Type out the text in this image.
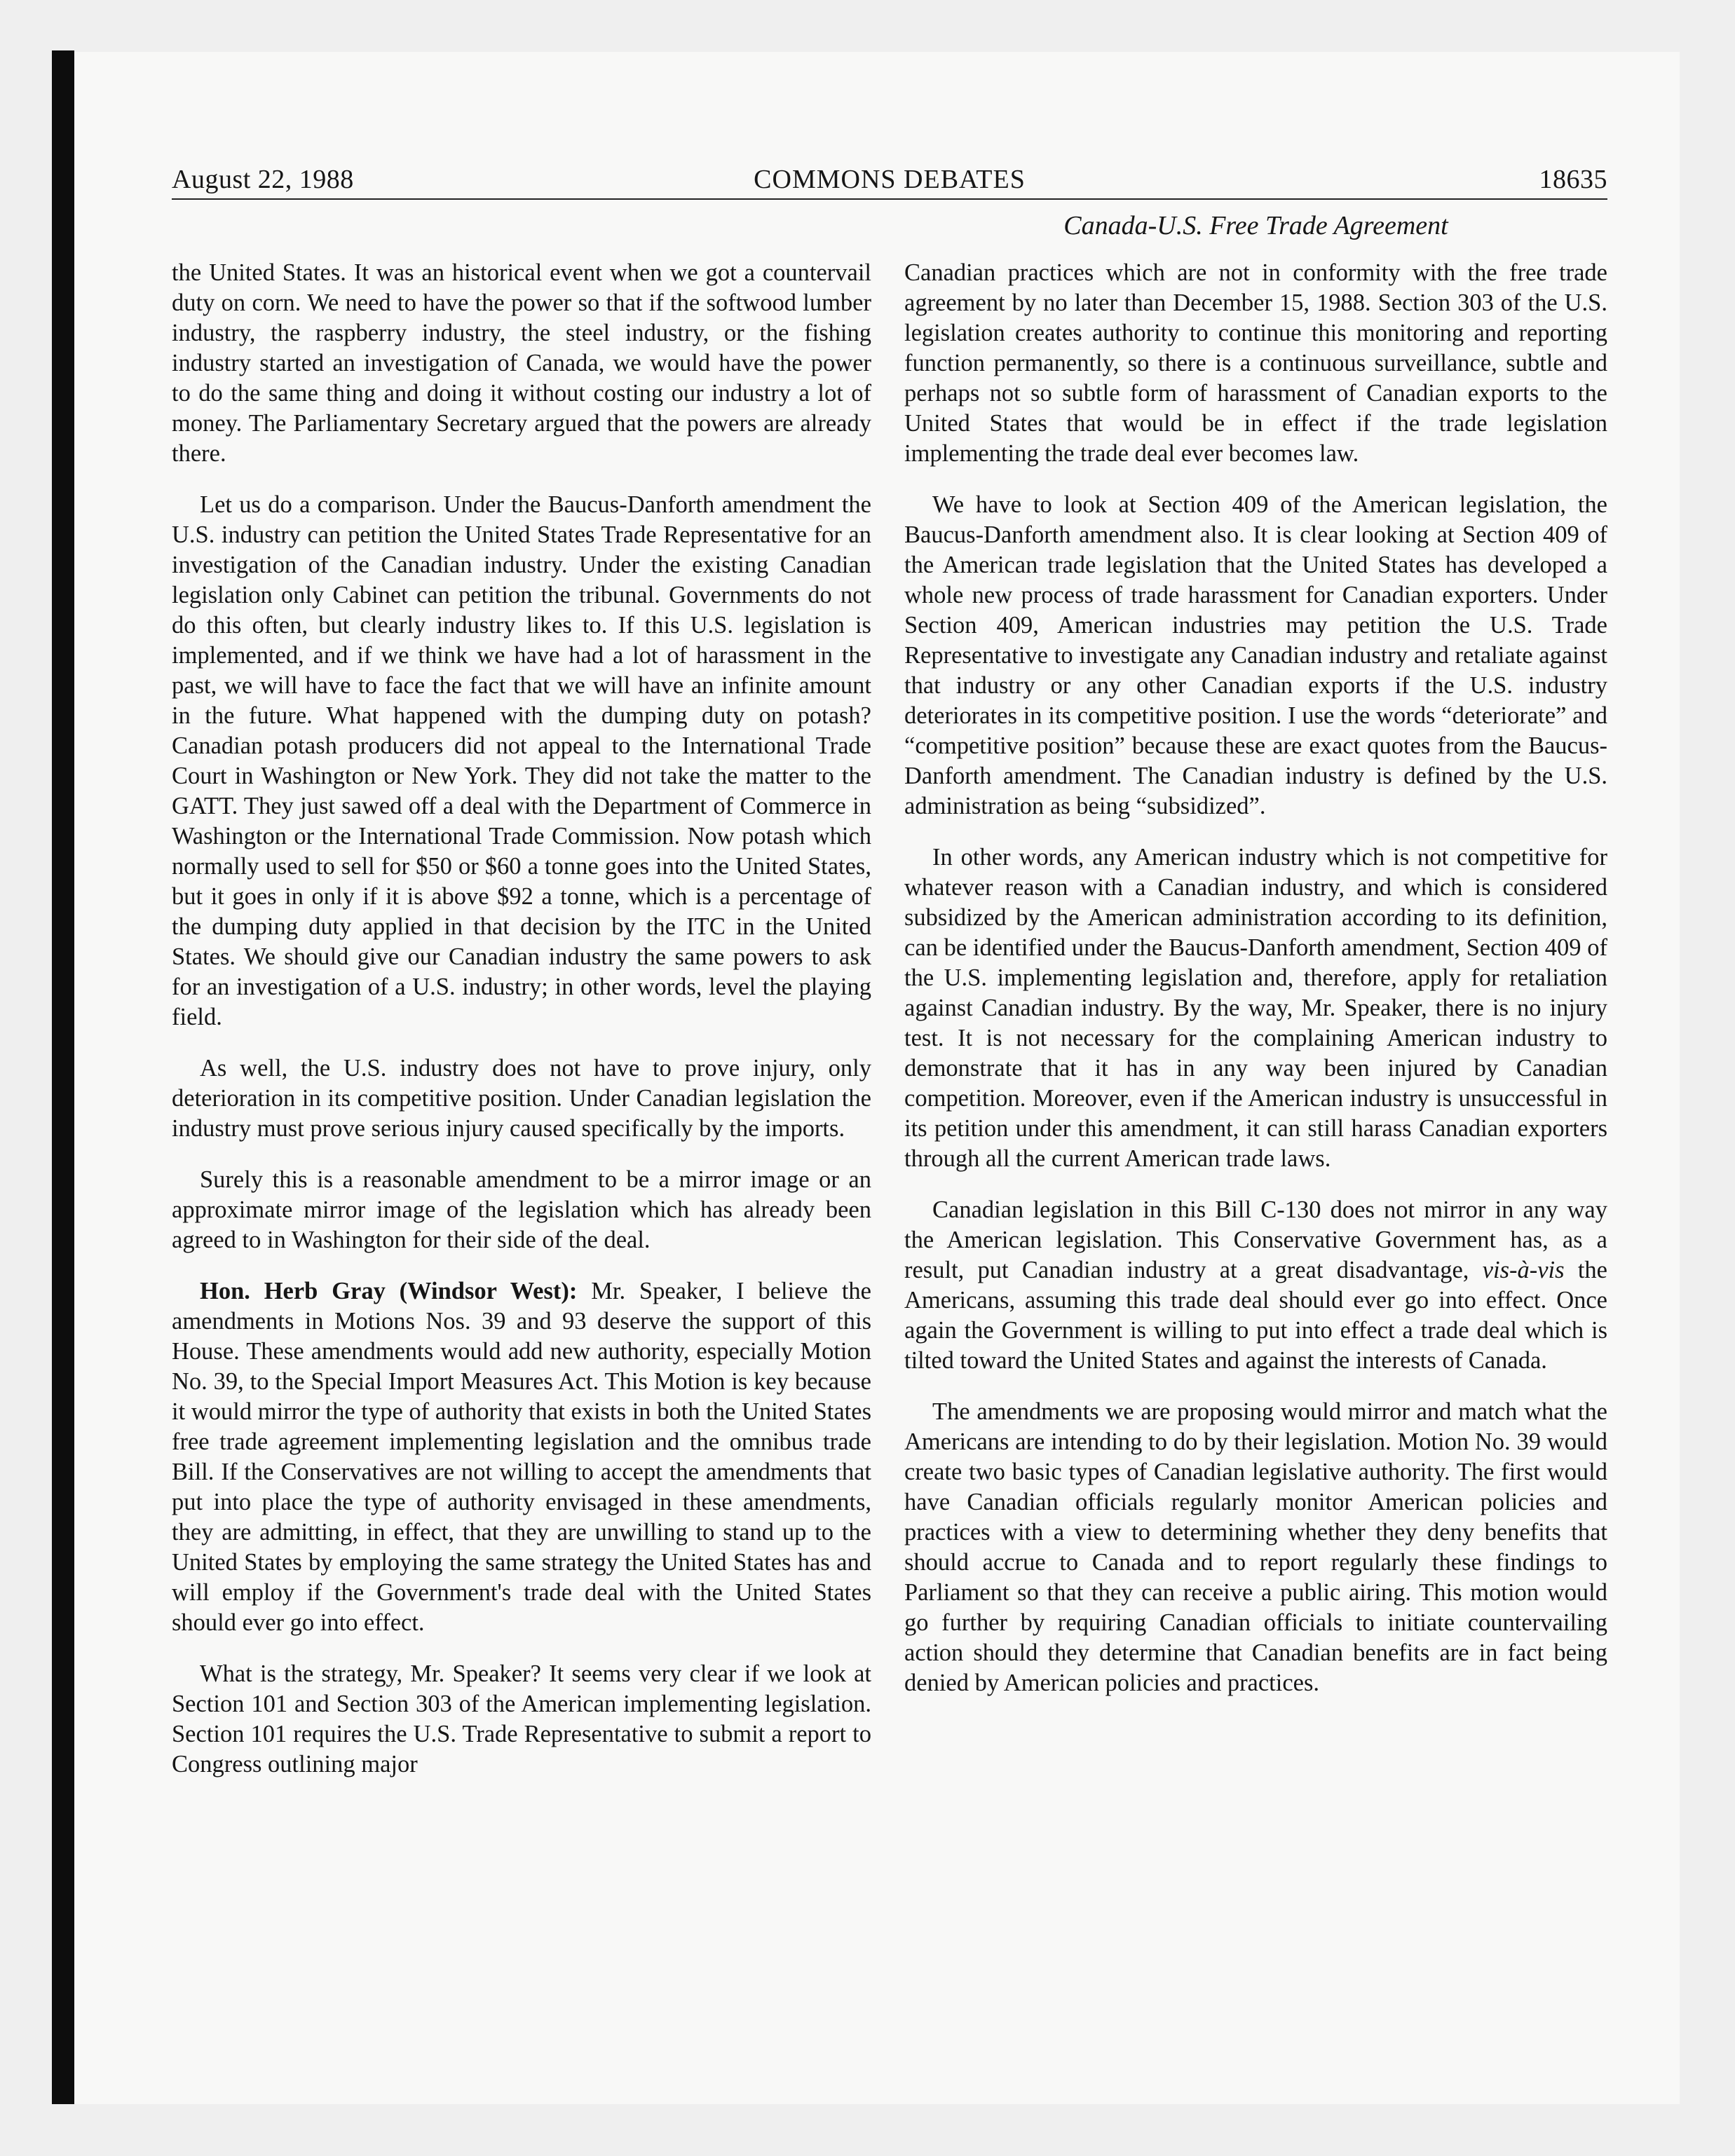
August 22, 1988	COMMONS DEBATES	18635
Canada-U.S. Free Trade Agreement

the United States. It was an historical event when we got a countervail duty on corn. We need to have the power so that if the softwood lumber industry, the raspberry industry, the steel industry, or the fishing industry started an investigation of Canada, we would have the power to do the same thing and doing it without costing our industry a lot of money. The Parliamentary Secretary argued that the powers are already there.

Let us do a comparison. Under the Baucus-Danforth amendment the U.S. industry can petition the United States Trade Representative for an investigation of the Canadian industry. Under the existing Canadian legislation only Cabinet can petition the tribunal. Governments do not do this often, but clearly industry likes to. If this U.S. legislation is implemented, and if we think we have had a lot of harassment in the past, we will have to face the fact that we will have an infinite amount in the future. What happened with the dumping duty on potash? Canadian potash producers did not appeal to the International Trade Court in Washington or New York. They did not take the matter to the GATT. They just sawed off a deal with the Department of Commerce in Washington or the International Trade Commission. Now potash which normally used to sell for $50 or $60 a tonne goes into the United States, but it goes in only if it is above $92 a tonne, which is a percentage of the dumping duty applied in that decision by the ITC in the United States. We should give our Canadian industry the same powers to ask for an investigation of a U.S. industry; in other words, level the playing field.

As well, the U.S. industry does not have to prove injury, only deterioration in its competitive position. Under Canadian legislation the industry must prove serious injury caused specifically by the imports.

Surely this is a reasonable amendment to be a mirror image or an approximate mirror image of the legislation which has already been agreed to in Washington for their side of the deal.

Hon. Herb Gray (Windsor West): Mr. Speaker, I believe the amendments in Motions Nos. 39 and 93 deserve the support of this House. These amendments would add new authority, especially Motion No. 39, to the Special Import Measures Act. This Motion is key because it would mirror the type of authority that exists in both the United States free trade agreement implementing legislation and the omnibus trade Bill. If the Conservatives are not willing to accept the amendments that put into place the type of authority envisaged in these amendments, they are admitting, in effect, that they are unwilling to stand up to the United States by employing the same strategy the United States has and will employ if the Government's trade deal with the United States should ever go into effect.

What is the strategy, Mr. Speaker? It seems very clear if we look at Section 101 and Section 303 of the American implementing legislation. Section 101 requires the U.S. Trade Representative to submit a report to Congress outlining major

Canadian practices which are not in conformity with the free trade agreement by no later than December 15, 1988. Section 303 of the U.S. legislation creates authority to continue this monitoring and reporting function permanently, so there is a continuous surveillance, subtle and perhaps not so subtle form of harassment of Canadian exports to the United States that would be in effect if the trade legislation implementing the trade deal ever becomes law.

We have to look at Section 409 of the American legislation, the Baucus-Danforth amendment also. It is clear looking at Section 409 of the American trade legislation that the United States has developed a whole new process of trade harassment for Canadian exporters. Under Section 409, American industries may petition the U.S. Trade Representative to investigate any Canadian industry and retaliate against that industry or any other Canadian exports if the U.S. industry deteriorates in its competitive position. I use the words “deteriorate” and “competitive position” because these are exact quotes from the Baucus-Danforth amendment. The Canadian industry is defined by the U.S. administration as being “subsidized”.

In other words, any American industry which is not competitive for whatever reason with a Canadian industry, and which is considered subsidized by the American administration according to its definition, can be identified under the Baucus-Danforth amendment, Section 409 of the U.S. implementing legislation and, therefore, apply for retaliation against Canadian industry. By the way, Mr. Speaker, there is no injury test. It is not necessary for the complaining American industry to demonstrate that it has in any way been injured by Canadian competition. Moreover, even if the American industry is unsuccessful in its petition under this amendment, it can still harass Canadian exporters through all the current American trade laws.

Canadian legislation in this Bill C-130 does not mirror in any way the American legislation. This Conservative Government has, as a result, put Canadian industry at a great disadvantage, vis-à-vis the Americans, assuming this trade deal should ever go into effect. Once again the Government is willing to put into effect a trade deal which is tilted toward the United States and against the interests of Canada.

The amendments we are proposing would mirror and match what the Americans are intending to do by their legislation. Motion No. 39 would create two basic types of Canadian legislative authority. The first would have Canadian officials regularly monitor American policies and practices with a view to determining whether they deny benefits that should accrue to Canada and to report regularly these findings to Parliament so that they can receive a public airing. This motion would go further by requiring Canadian officials to initiate countervailing action should they determine that Canadian benefits are in fact being denied by American policies and practices.
